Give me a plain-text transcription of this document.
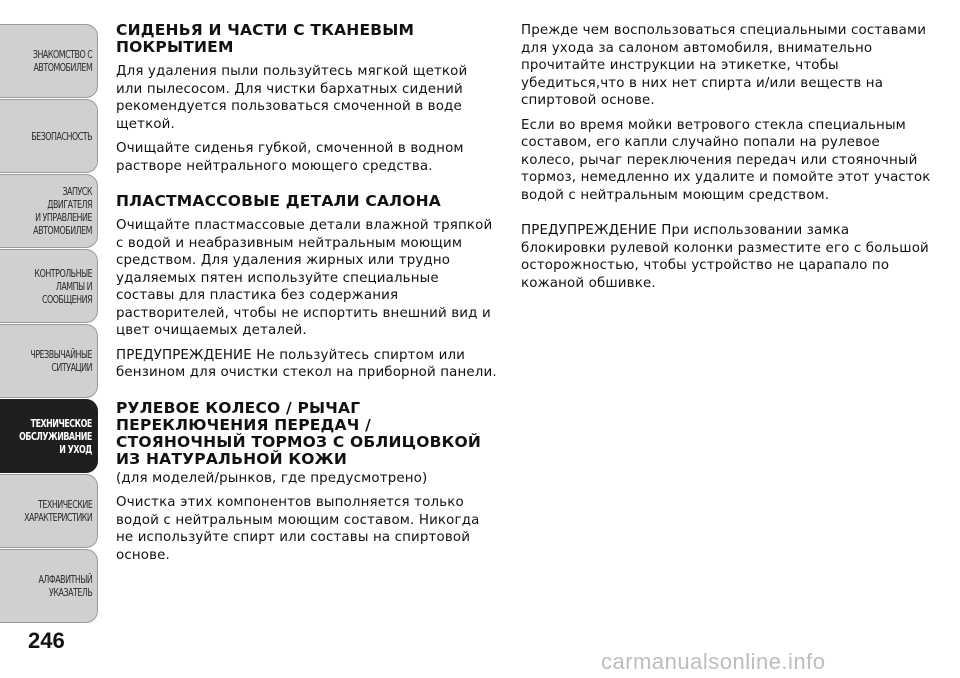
ЗНАКОМСТВО С
АВТОМОБИЛЕМ
БЕЗОПАСНОСТЬ
ЗАПУСК ДВИГАТЕЛЯ
И УПРАВЛЕНИЕ
АВТОМОБИЛЕМ
КОНТРОЛЬНЫЕ
ЛАМПЫ И
СООБЩЕНИЯ
ЧРЕЗВЫЧАЙНЫЕ
СИТУАЦИИ
ТЕХНИЧЕСКОЕ
ОБСЛУЖИВАНИЕ
И УХОД
ТЕХНИЧЕСКИЕ
ХАРАКТЕРИСТИКИ
АЛФАВИТНЫЙ
УКАЗАТЕЛЬ
246
СИДЕНЬЯ И ЧАСТИ С ТКАНЕВЫМ ПОКРЫТИЕМ

Для удаления пыли пользуйтесь мягкой щеткой или пылесосом. Для чистки бархатных сидений рекомендуется пользоваться смоченной в воде щеткой.

Очищайте сиденья губкой, смоченной в водном растворе нейтрального моющего средства.

ПЛАСТМАССОВЫЕ ДЕТАЛИ САЛОНА

Очищайте пластмассовые детали влажной тряпкой с водой и неабразивным нейтральным моющим средством. Для удаления жирных или трудно удаляемых пятен используйте специальные составы для пластика без содержания растворителей, чтобы не испортить внешний вид и цвет очищаемых деталей.

ПРЕДУПРЕЖДЕНИЕ Не пользуйтесь спиртом или бензином для очистки стекол на приборной панели.

РУЛЕВОЕ КОЛЕСО / РЫЧАГ ПЕРЕКЛЮЧЕНИЯ ПЕРЕДАЧ / СТОЯНОЧНЫЙ ТОРМОЗ С ОБЛИЦОВКОЙ ИЗ НАТУРАЛЬНОЙ КОЖИ

(для моделей/рынков, где предусмотрено)

Очистка этих компонентов выполняется только водой с нейтральным моющим составом. Никогда не используйте спирт или составы на спиртовой основе.

Прежде чем воспользоваться специальными составами для ухода за салоном автомобиля, внимательно прочитайте инструкции на этикетке, чтобы убедиться,что в них нет спирта и/или веществ на спиртовой основе.

Если во время мойки ветрового стекла специальным составом, его капли случайно попали на рулевое колесо, рычаг переключения передач или стояночный тормоз, немедленно их удалите и помойте этот участок водой с нейтральным моющим средством.

ПРЕДУПРЕЖДЕНИЕ При использовании замка блокировки рулевой колонки разместите его с большой осторожностью, чтобы устройство не царапало по кожаной обшивке.

carmanualsonline.info
